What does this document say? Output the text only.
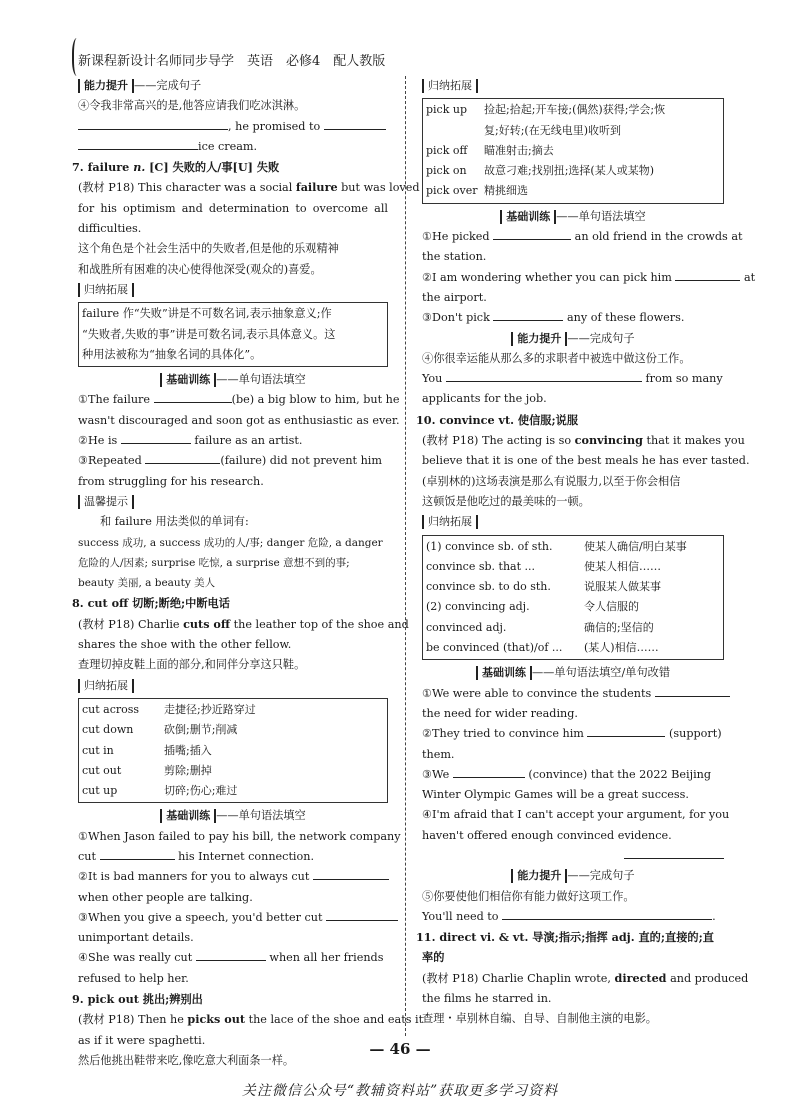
新课程新设计名师同步导学　英语　必修4　配人教版
能力提升 ——完成句子
④令我非常高兴的是,他答应请我们吃冰淇淋。
, he promised to
ice cream.
7. failure n. [C] 失败的人/事[U] 失败
(教材 P18) This character was a social failure but was loved
for his optimism and determination to overcome all
difficulties.
这个角色是个社会生活中的失败者,但是他的乐观精神
和战胜所有困难的决心使得他深受(观众的)喜爱。
归纳拓展
failure 作“失败”讲是不可数名词,表示抽象意义;作
“失败者,失败的事”讲是可数名词,表示具体意义。这
种用法被称为“抽象名词的具体化”。
基础训练 ——单句语法填空
①The failure	(be) a big blow to him, but he
wasn't discouraged and soon got as enthusiastic as ever.
②He is	failure as an artist.
③Repeated	(failure) did not prevent him
from struggling for his research.
温馨提示
和 failure 用法类似的单词有:
success 成功, a success 成功的人/事; danger 危险, a danger
危险的人/因素; surprise 吃惊, a surprise 意想不到的事;
beauty 美丽, a beauty 美人
8. cut off 切断;断绝;中断电话
(教材 P18) Charlie cuts off the leather top of the shoe and
shares the shoe with the other fellow.
查理切掉皮鞋上面的部分,和同伴分享这只鞋。
归纳拓展
cut across	走捷径;抄近路穿过
cut down	砍倒;删节;削减
cut in	插嘴;插入
cut out	剪除;删掉
cut up	切碎;伤心;难过
基础训练 ——单句语法填空
①When Jason failed to pay his bill, the network company
cut	his Internet connection.
②It is bad manners for you to always cut
when other people are talking.
③When you give a speech, you'd better cut
unimportant details.
④She was really cut	when all her friends
refused to help her.
9. pick out 挑出;辨别出
(教材 P18) Then he picks out the lace of the shoe and eats it
as if it were spaghetti.
然后他挑出鞋带来吃,像吃意大利面条一样。
归纳拓展
pick up	捡起;拾起;开车接;(偶然)获得;学会;恢
	复;好转;(在无线电里)收听到
pick off	瞄准射击;摘去
pick on	故意刁难;找别扭;选择(某人或某物)
pick over	精挑细选
基础训练 ——单句语法填空
①He picked	an old friend in the crowds at
the station.
②I am wondering whether you can pick him	at
the airport.
③Don't pick	any of these flowers.
能力提升 ——完成句子
④你很幸运能从那么多的求职者中被选中做这份工作。
You	from so many
applicants for the job.
10. convince vt. 使信服;说服
(教材 P18) The acting is so convincing that it makes you
believe that it is one of the best meals he has ever tasted.
(卓别林的)这场表演是那么有说服力,以至于你会相信
这顿饭是他吃过的最美味的一顿。
归纳拓展
(1) convince sb. of sth.	使某人确信/明白某事
convince sb. that ...	使某人相信……
convince sb. to do sth.	说服某人做某事
(2) convincing adj.	令人信服的
convinced adj.	确信的;坚信的
be convinced (that)/of ...	(某人)相信……
基础训练 ——单句语法填空/单句改错
①We were able to convince the students
the need for wider reading.
②They tried to convince him	(support)
them.
③We	(convince) that the 2022 Beijing
Winter Olympic Games will be a great success.
④I'm afraid that I can't accept your argument, for you
haven't offered enough convinced evidence.
能力提升 ——完成句子
⑤你要使他们相信你有能力做好这项工作。
You'll need to	.
11. direct vi. & vt. 导演;指示;指挥 adj. 直的;直接的;直
率的
(教材 P18) Charlie Chaplin wrote, directed and produced
the films he starred in.
查理・卓别林自编、自导、自制他主演的电影。
— 46 —
关注微信公众号“教辅资料站”获取更多学习资料
